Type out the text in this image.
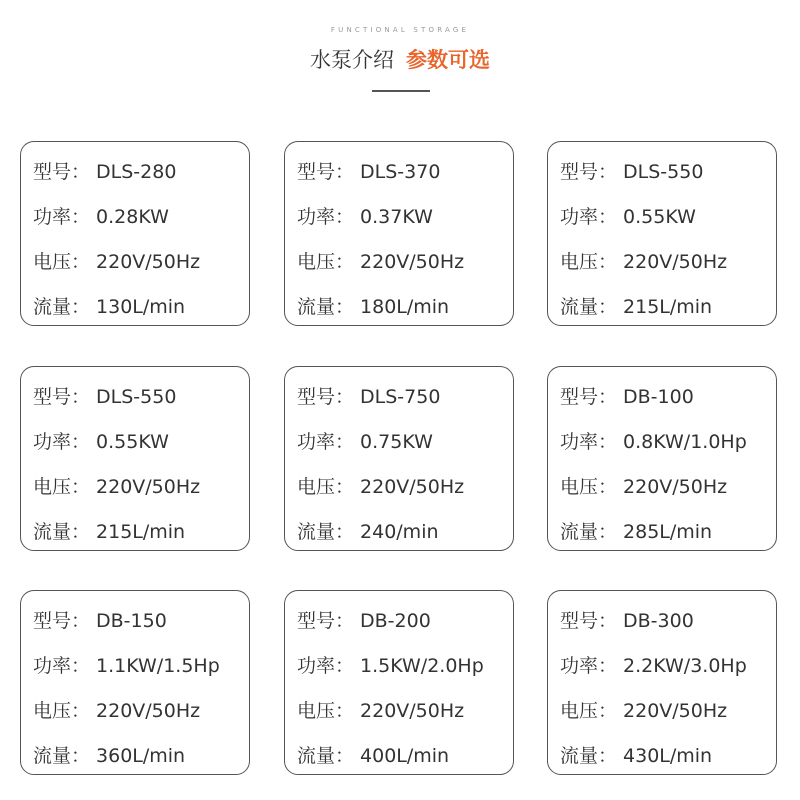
FUNCTIONAL STORAGE
水泵介绍 参数可选
型号： DLS-280
功率： 0.28KW
电压： 220V/50Hz
流量： 130L/min
型号： DLS-370
功率： 0.37KW
电压： 220V/50Hz
流量： 180L/min
型号： DLS-550
功率： 0.55KW
电压： 220V/50Hz
流量： 215L/min
型号： DLS-550
功率： 0.55KW
电压： 220V/50Hz
流量： 215L/min
型号： DLS-750
功率： 0.75KW
电压： 220V/50Hz
流量： 240/min
型号： DB-100
功率： 0.8KW/1.0Hp
电压： 220V/50Hz
流量： 285L/min
型号： DB-150
功率： 1.1KW/1.5Hp
电压： 220V/50Hz
流量： 360L/min
型号： DB-200
功率： 1.5KW/2.0Hp
电压： 220V/50Hz
流量： 400L/min
型号： DB-300
功率： 2.2KW/3.0Hp
电压： 220V/50Hz
流量： 430L/min
